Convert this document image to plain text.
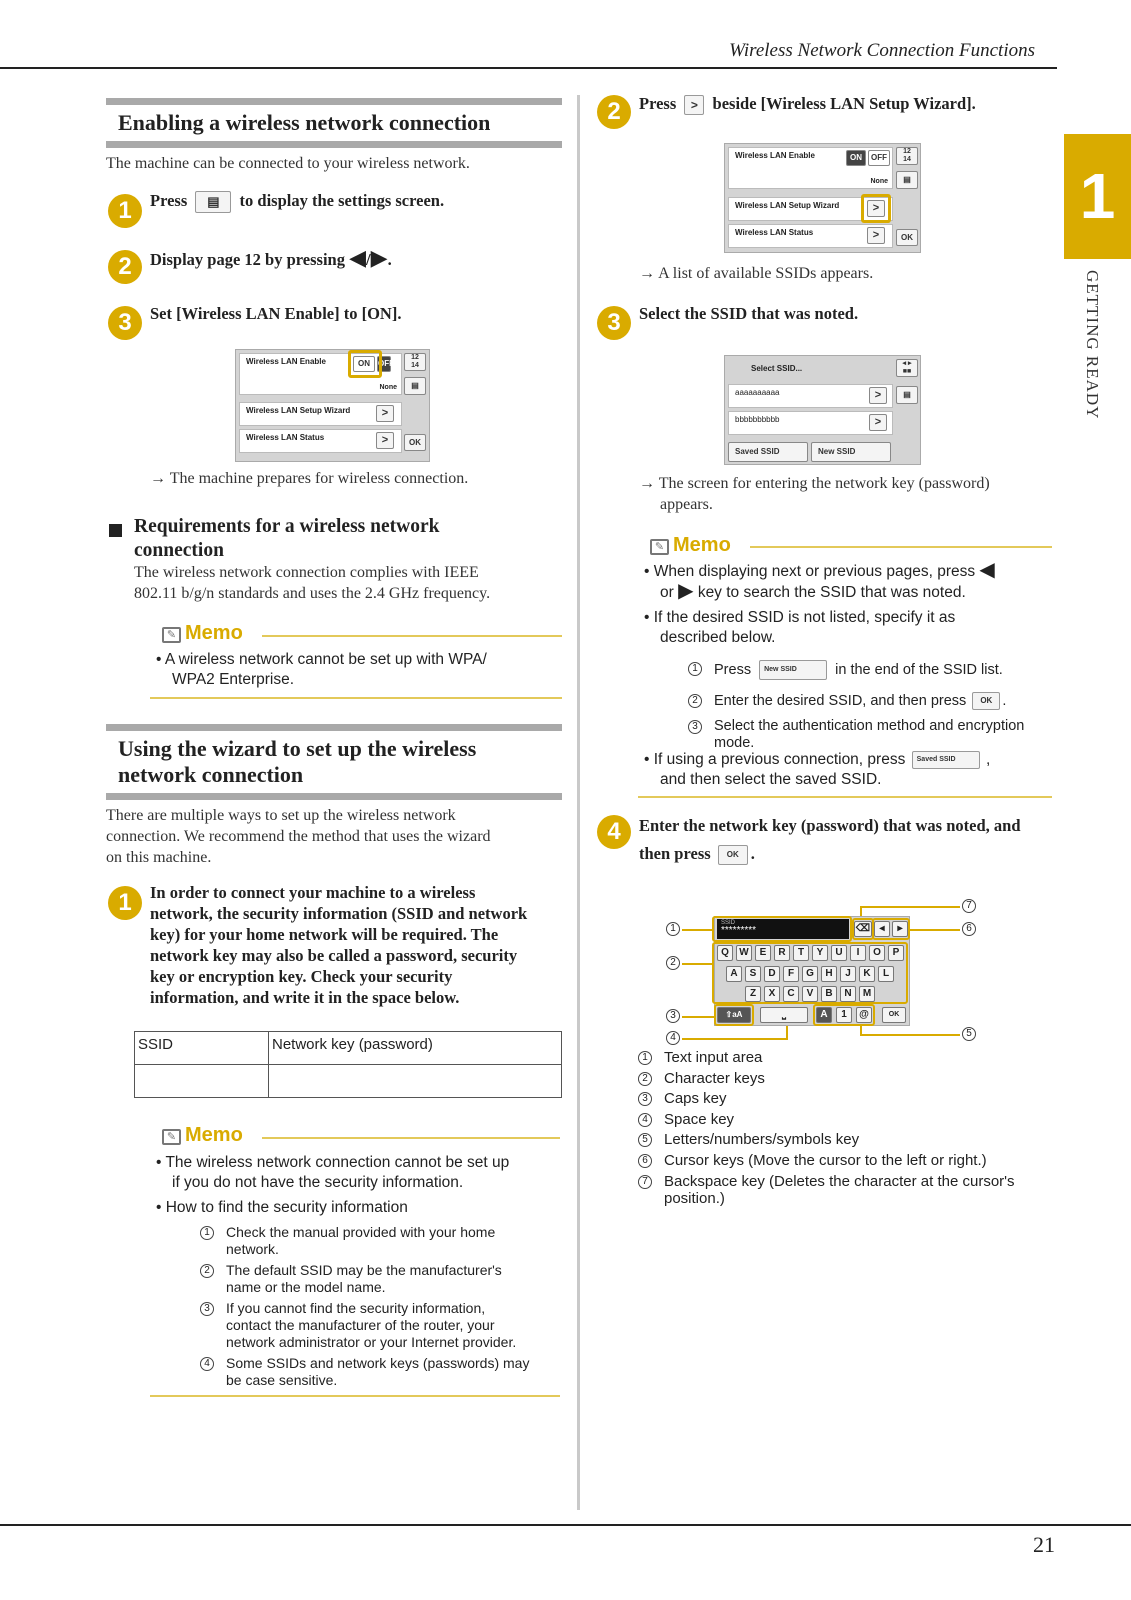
Wireless Network Connection Functions
21
1
GETTING READY
Enabling a wireless network connection
The machine can be connected to your wireless network.
1	Press ▤ to display the settings screen.
2	Display page 12 by pressing ◀/▶.
3	Set [Wireless LAN Enable] to [ON].
Wireless LAN Enable
None
ON	OFF
12
14
▤
Wireless LAN Setup Wizard	>
Wireless LAN Status	>	OK
→ The machine prepares for wireless connection.
Requirements for a wireless network
connection
The wireless network connection complies with IEEE
802.11 b/g/n standards and uses the 2.4 GHz frequency.
✎ Memo
• A wireless network cannot be set up with WPA/
WPA2 Enterprise.
Using the wizard to set up the wireless
network connection
There are multiple ways to set up the wireless network
connection. We recommend the method that uses the wizard
on this machine.
1	In order to connect your machine to a wireless
network, the security information (SSID and network
key) for your home network will be required. The
network key may also be called a password, security
key or encryption key. Check your security
information, and write it in the space below.
SSID	Network key (password)

✎ Memo
• The wireless network connection cannot be set up
if you do not have the security information.
• How to find the security information
1	Check the manual provided with your home
network.
2	The default SSID may be the manufacturer's
name or the model name.
3	If you cannot find the security information,
contact the manufacturer of the router, your
network administrator or your Internet provider.
4	Some SSIDs and network keys (passwords) may
be case sensitive.
2	Press > beside [Wireless LAN Setup Wizard].
Wireless LAN Enable
None
ON	OFF
12
14
▤
Wireless LAN Setup Wizard	>
Wireless LAN Status	>	OK
→ A list of available SSIDs appears.
3	Select the SSID that was noted.
Select SSID...
◂ ▸
■■
aaaaaaaaaa	>	▤
bbbbbbbbbb	>
Saved SSID	New SSID
→ The screen for entering the network key (password)
appears.
✎ Memo
• When displaying next or previous pages, press ◀
or ▶ key to search the SSID that was noted.
• If the desired SSID is not listed, specify it as
described below.
1 Press New SSID	in the end of the SSID list.
2 Enter the desired SSID, and then press OK .
3 Select the authentication method and encryption
mode.
• If using a previous connection, press Saved SSID ,
and then select the saved SSID.
4	Enter the network key (password) that was noted, and
then press OK .
1
2
3
4	5
6
7
SSID
*********	⌫ ◂	▸
Q	W	E	R	T	Y	U	I	O	P
A	S	D	F	G	H	J	K	L
Z	X	C	V	B	N	M
⇧aA	⎵	A	1	@	OK
1 Text input area
2 Character keys
3 Caps key
4 Space key
5 Letters/numbers/symbols key
6 Cursor keys (Move the cursor to the left or right.)
7 Backspace key (Deletes the character at the cursor's
position.)
